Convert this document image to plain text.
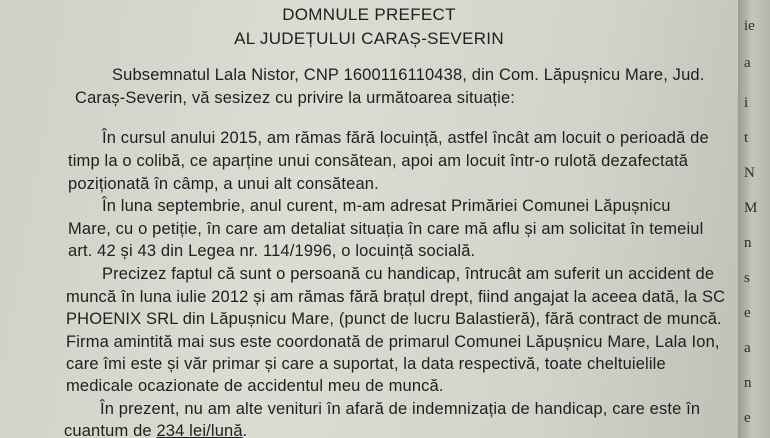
DOMNULE PREFECT
AL JUDEȚULUI CARAȘ-SEVERIN
Subsemnatul Lala Nistor, CNP 1600116110438, din Com. Lăpușnicu Mare, Jud.
Caraș-Severin, vă sesizez cu privire la următoarea situație:
În cursul anului 2015, am rămas fără locuință, astfel încât am locuit o perioadă de
timp la o colibă, ce aparține unui consătean, apoi am locuit într-o rulotă dezafectată
poziționată în câmp, a unui alt consătean.
În luna septembrie, anul curent, m-am adresat Primăriei Comunei Lăpușnicu
Mare, cu o petiție, în care am detaliat situația în care mă aflu și am solicitat în temeiul
art. 42 și 43 din Legea nr. 114/1996, o locuință socială.
Precizez faptul că sunt o persoană cu handicap, întrucât am suferit un accident de
muncă în luna iulie 2012 și am rămas fără brațul drept, fiind angajat la aceea dată, la SC
PHOENIX SRL din Lăpușnicu Mare, (punct de lucru Balastieră), fără contract de muncă.
Firma amintită mai sus este coordonată de primarul Comunei Lăpușnicu Mare, Lala Ion,
care îmi este și văr primar și care a suportat, la data respectivă, toate cheltuielile
medicale ocazionate de accidentul meu de muncă.
În prezent, nu am alte venituri în afară de indemnizația de handicap, care este în
cuantum de 234 lei/lună.
ie
a
i
t
N
M
n
s
e
a
n
e
